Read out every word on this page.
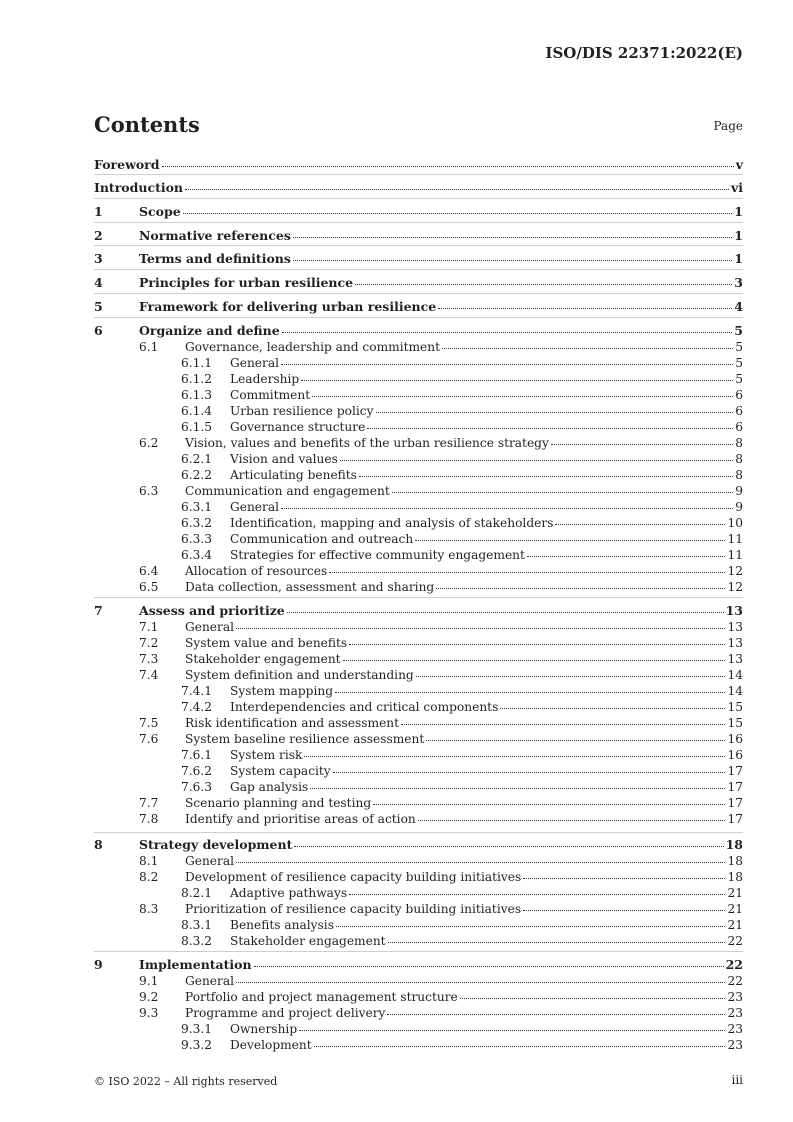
ISO/DIS 22371:2022(E)
Contents	Page
Foreword	v
Introduction	vi
1	Scope	1
2	Normative references	1
3	Terms and definitions	1
4	Principles for urban resilience	3
5	Framework for delivering urban resilience	4
6	Organize and define	5
6.1	Governance, leadership and commitment	5
6.1.1	General	5
6.1.2	Leadership	5
6.1.3	Commitment	6
6.1.4	Urban resilience policy	6
6.1.5	Governance structure	6
6.2	Vision, values and benefits of the urban resilience strategy	8
6.2.1	Vision and values	8
6.2.2	Articulating benefits	8
6.3	Communication and engagement	9
6.3.1	General	9
6.3.2	Identification, mapping and analysis of stakeholders	10
6.3.3	Communication and outreach	11
6.3.4	Strategies for effective community engagement	11
6.4	Allocation of resources	12
6.5	Data collection, assessment and sharing	12
7	Assess and prioritize	13
7.1	General	13
7.2	System value and benefits	13
7.3	Stakeholder engagement	13
7.4	System definition and understanding	14
7.4.1	System mapping	14
7.4.2	Interdependencies and critical components	15
7.5	Risk identification and assessment	15
7.6	System baseline resilience assessment	16
7.6.1	System risk	16
7.6.2	System capacity	17
7.6.3	Gap analysis	17
7.7	Scenario planning and testing	17
7.8	Identify and prioritise areas of action	17
8	Strategy development	18
8.1	General	18
8.2	Development of resilience capacity building initiatives	18
8.2.1	Adaptive pathways	21
8.3	Prioritization of resilience capacity building initiatives	21
8.3.1	Benefits analysis	21
8.3.2	Stakeholder engagement	22
9	Implementation	22
9.1	General	22
9.2	Portfolio and project management structure	23
9.3	Programme and project delivery	23
9.3.1	Ownership	23
9.3.2	Development	23
© ISO 2022 – All rights reserved	iii
